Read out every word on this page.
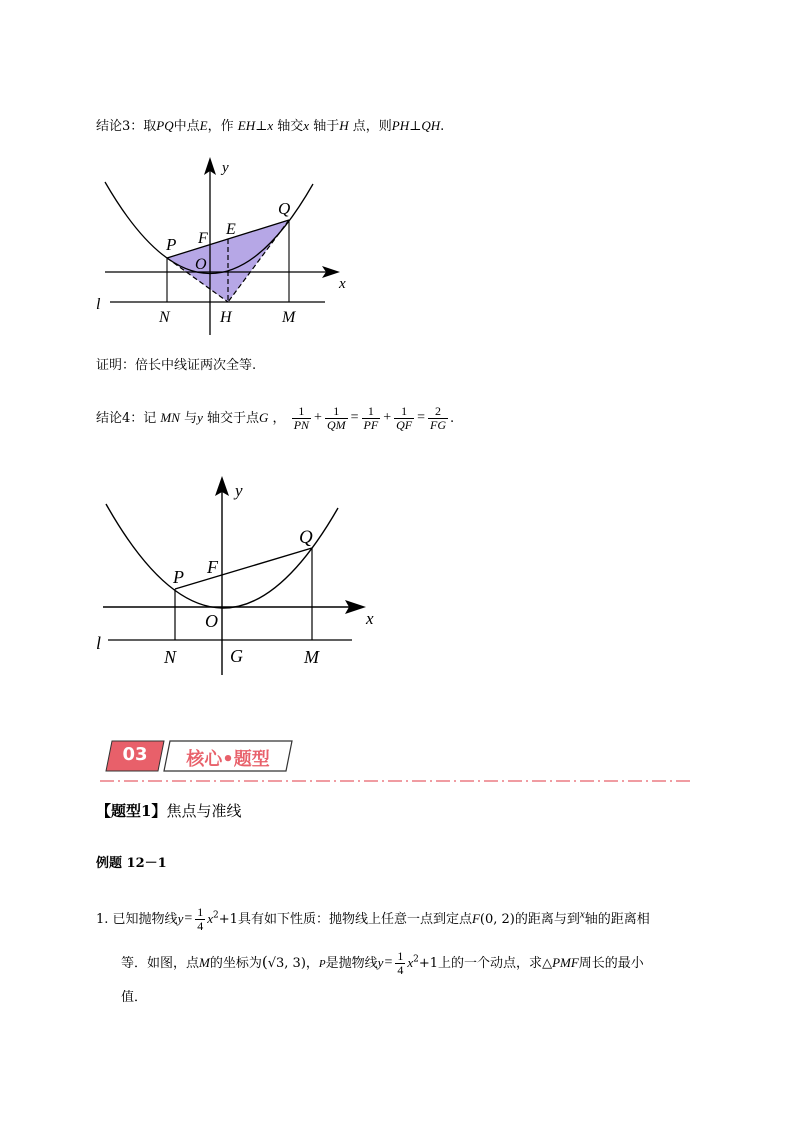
结论3：取PQ中点E，作 EH⊥x 轴交x 轴于H 点，则PH⊥QH.
y
x
Q
E
P F
O
l
N	H	M
证明：倍长中线证两次全等.
结论4：记 MN 与y 轴交于点G ， $\frac{1}{PN} + \frac{1}{QM} = \frac{1}{PF} + \frac{1}{QF} = \frac{2}{FG}$ .
y
x
Q
P F
O
l
N	G	M
03	核心•题型
【题型1】焦点与准线
例题 12－1
1. 已知抛物线$y= \frac{1}{4} x^2+1$具有如下性质：抛物线上任意一点到定点F(0, 2)的距离与到$^x$轴的距离相
等．如图，点M的坐标为(√3, 3)，P是抛物线$y= \frac{1}{4} x^2+1$上的一个动点，求△PMF周长的最小
值．
